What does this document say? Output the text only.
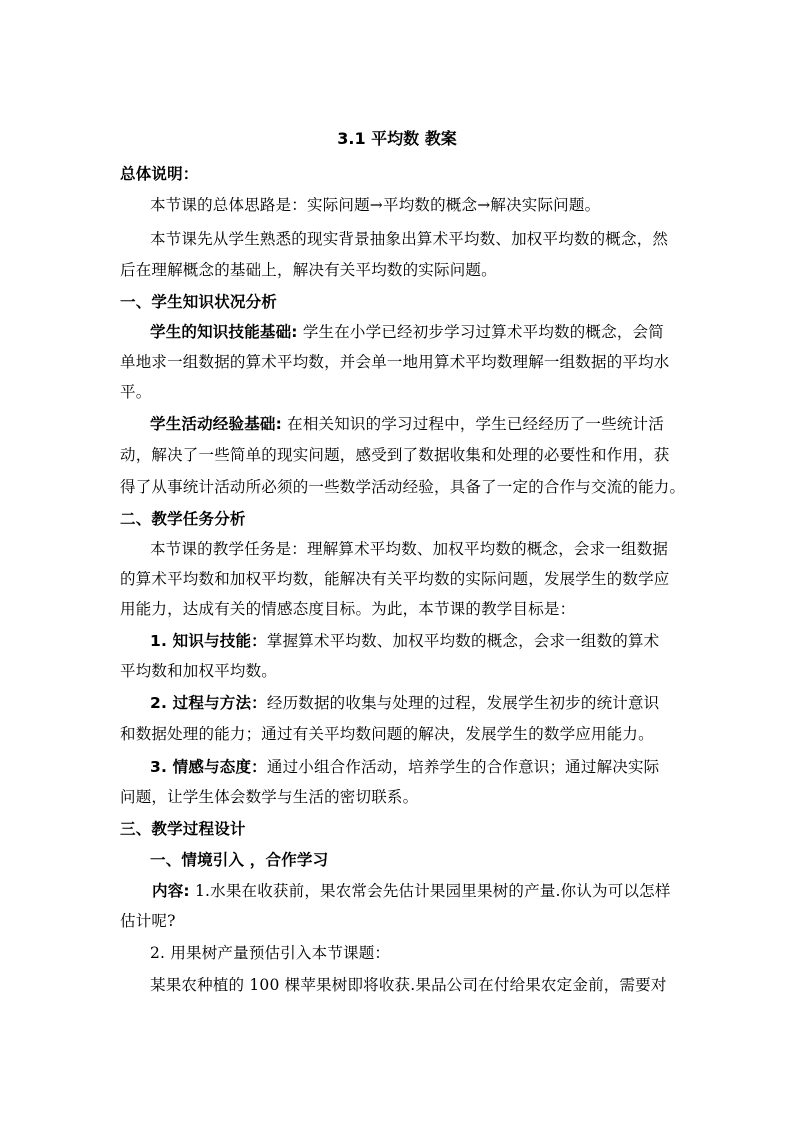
3.1 平均数 教案
总体说明：
本节课的总体思路是：实际问题→平均数的概念→解决实际问题。
本节课先从学生熟悉的现实背景抽象出算术平均数、加权平均数的概念，然
后在理解概念的基础上，解决有关平均数的实际问题。
一、学生知识状况分析
学生的知识技能基础: 学生在小学已经初步学习过算术平均数的概念，会简
单地求一组数据的算术平均数，并会单一地用算术平均数理解一组数据的平均水
平。
学生活动经验基础: 在相关知识的学习过程中，学生已经经历了一些统计活
动，解决了一些简单的现实问题，感受到了数据收集和处理的必要性和作用，获
得了从事统计活动所必须的一些数学活动经验，具备了一定的合作与交流的能力。
二、教学任务分析
本节课的教学任务是：理解算术平均数、加权平均数的概念，会求一组数据
的算术平均数和加权平均数，能解决有关平均数的实际问题，发展学生的数学应
用能力，达成有关的情感态度目标。为此，本节课的教学目标是：
1. 知识与技能：掌握算术平均数、加权平均数的概念，会求一组数的算术
平均数和加权平均数。
2. 过程与方法：经历数据的收集与处理的过程，发展学生初步的统计意识
和数据处理的能力；通过有关平均数问题的解决，发展学生的数学应用能力。
3. 情感与态度：通过小组合作活动，培养学生的合作意识；通过解决实际
问题，让学生体会数学与生活的密切联系。
三、教学过程设计
一、情境引入 ，合作学习
内容: 1.水果在收获前，果农常会先估计果园里果树的产量.你认为可以怎样
估计呢?
2. 用果树产量预估引入本节课题：
某果农种植的 100 棵苹果树即将收获.果品公司在付给果农定金前，需要对
